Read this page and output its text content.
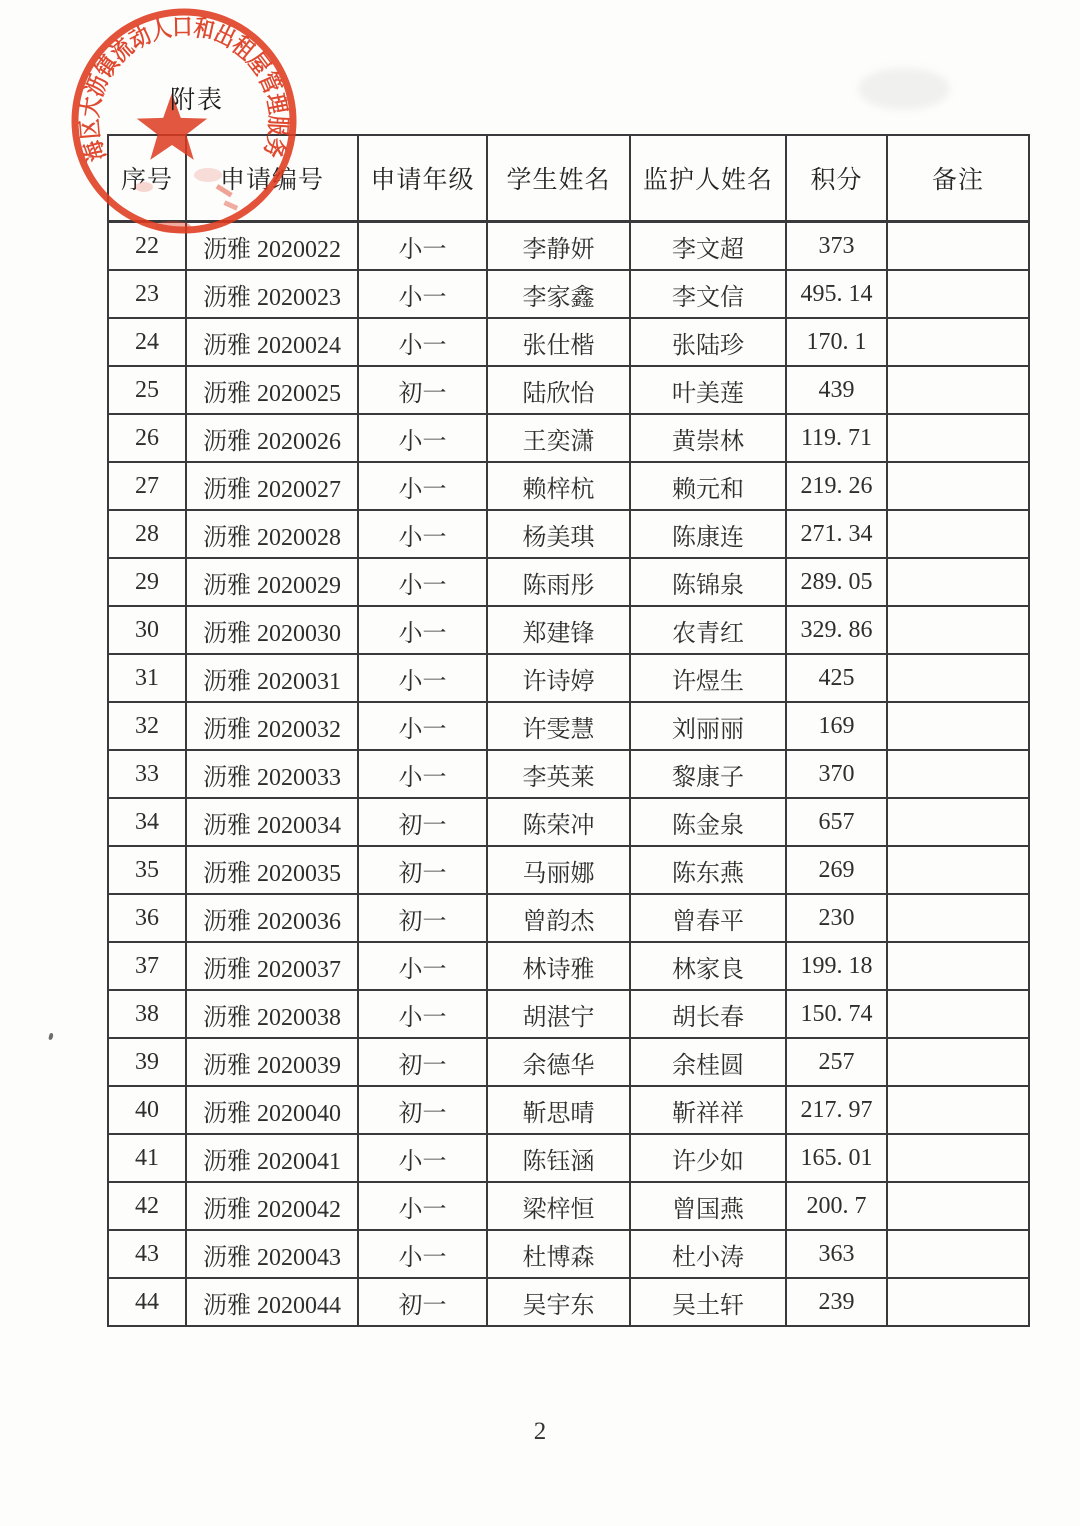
海区大沥镇流动人口和出租屋管理服务
附表
序号	申请编号	申请年级	学生姓名	监护人姓名	积分	备注
22	沥雅 2020022	小一	李静妍	李文超	373	
23	沥雅 2020023	小一	李家鑫	李文信	495. 14	
24	沥雅 2020024	小一	张仕楷	张陆珍	170. 1	
25	沥雅 2020025	初一	陆欣怡	叶美莲	439	
26	沥雅 2020026	小一	王奕潇	黄崇林	119. 71	
27	沥雅 2020027	小一	赖梓杭	赖元和	219. 26	
28	沥雅 2020028	小一	杨美琪	陈康连	271. 34	
29	沥雅 2020029	小一	陈雨彤	陈锦泉	289. 05	
30	沥雅 2020030	小一	郑建锋	农青红	329. 86	
31	沥雅 2020031	小一	许诗婷	许煜生	425	
32	沥雅 2020032	小一	许雯慧	刘丽丽	169	
33	沥雅 2020033	小一	李英莱	黎康子	370	
34	沥雅 2020034	初一	陈荣冲	陈金泉	657	
35	沥雅 2020035	初一	马丽娜	陈东燕	269	
36	沥雅 2020036	初一	曾韵杰	曾春平	230	
37	沥雅 2020037	小一	林诗雅	林家良	199. 18	
38	沥雅 2020038	小一	胡湛宁	胡长春	150. 74	
39	沥雅 2020039	初一	余德华	余桂圆	257	
40	沥雅 2020040	初一	靳思晴	靳祥祥	217. 97	
41	沥雅 2020041	小一	陈钰涵	许少如	165. 01	
42	沥雅 2020042	小一	梁梓恒	曾国燕	200. 7	
43	沥雅 2020043	小一	杜博森	杜小涛	363	
44	沥雅 2020044	初一	吴宇东	吴土轩	239	
2
